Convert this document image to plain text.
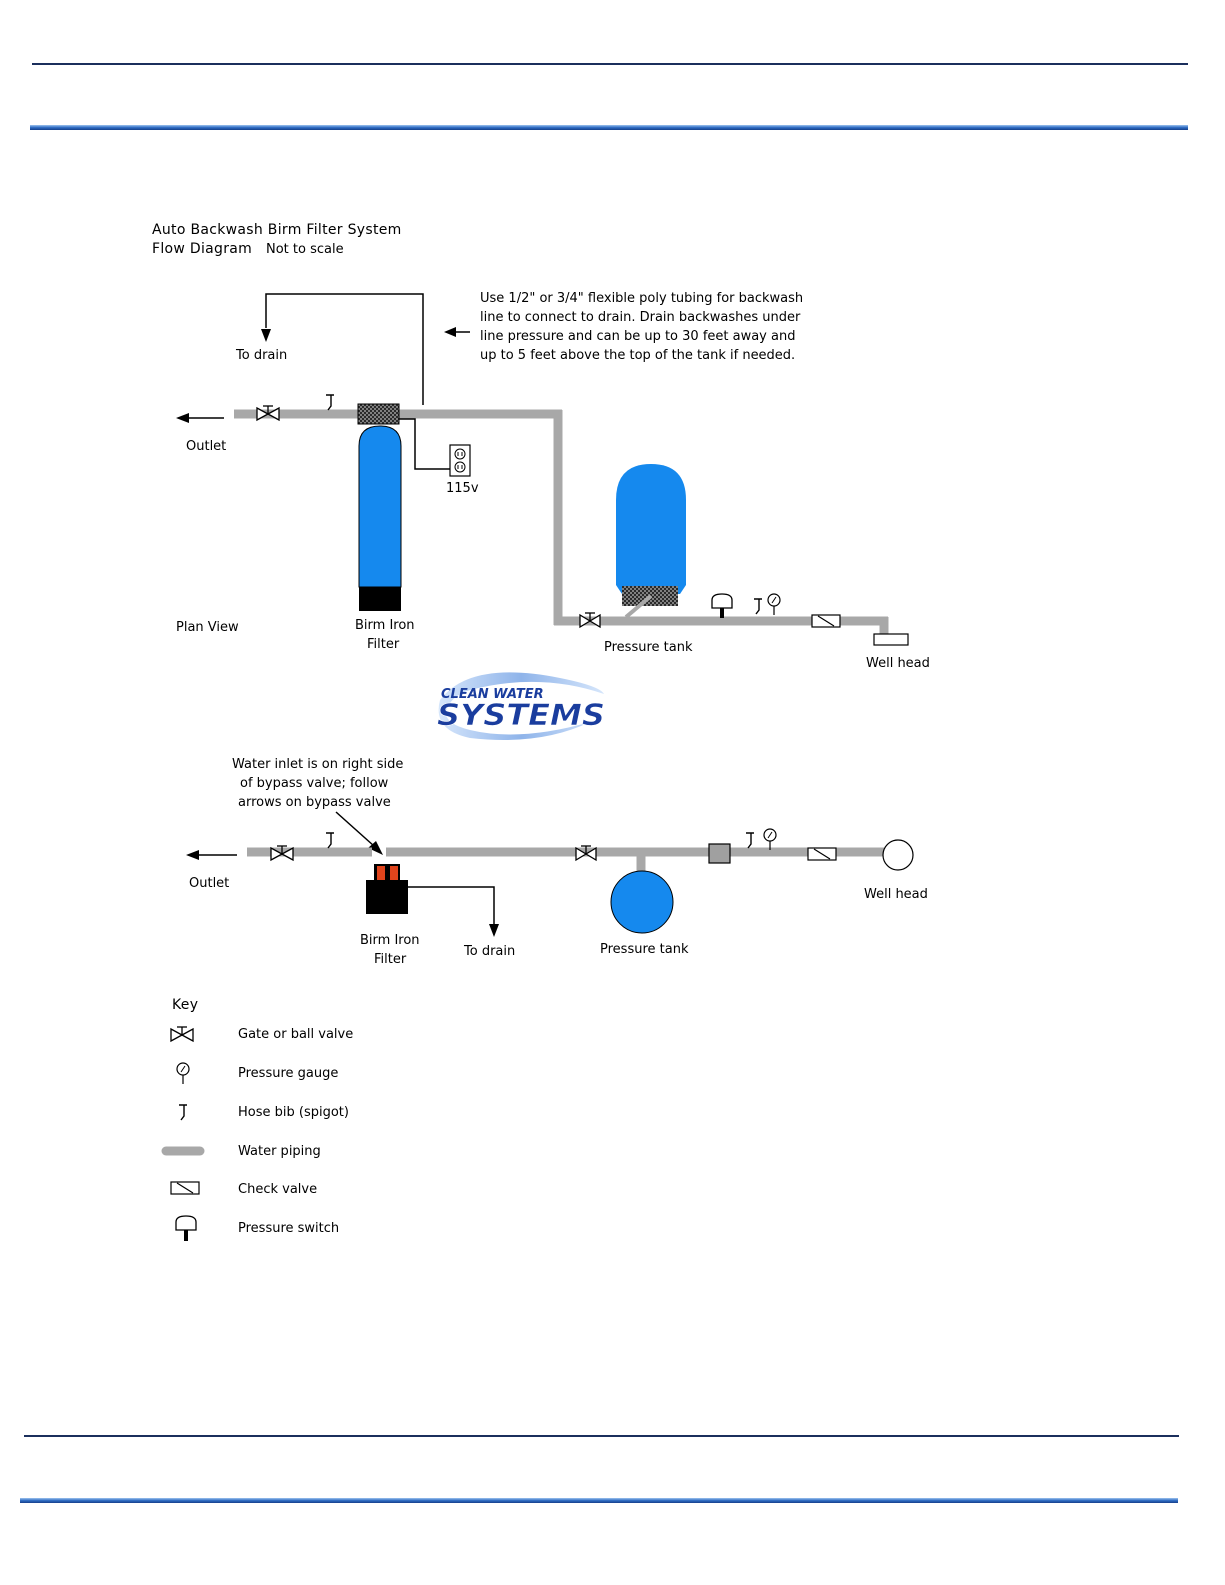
Auto Backwash Birm Filter System
Flow Diagram Not to scale
Use 1/2" or 3/4" flexible poly tubing for backwash
line to connect to drain. Drain backwashes under
line pressure and can be up to 30 feet away and
up to 5 feet above the top of the tank if needed.
To drain
Outlet
Birm Iron
Filter
115v
Pressure tank
Well head
Plan View
CLEAN WATER
SYSTEMS
Water inlet is on right side
of bypass valve; follow
arrows on bypass valve
Outlet
Birm Iron
Filter
To drain	Pressure tank
Well head
Key
Gate or ball valve
Pressure gauge
Hose bib (spigot)
Water piping
Check valve
Pressure switch
